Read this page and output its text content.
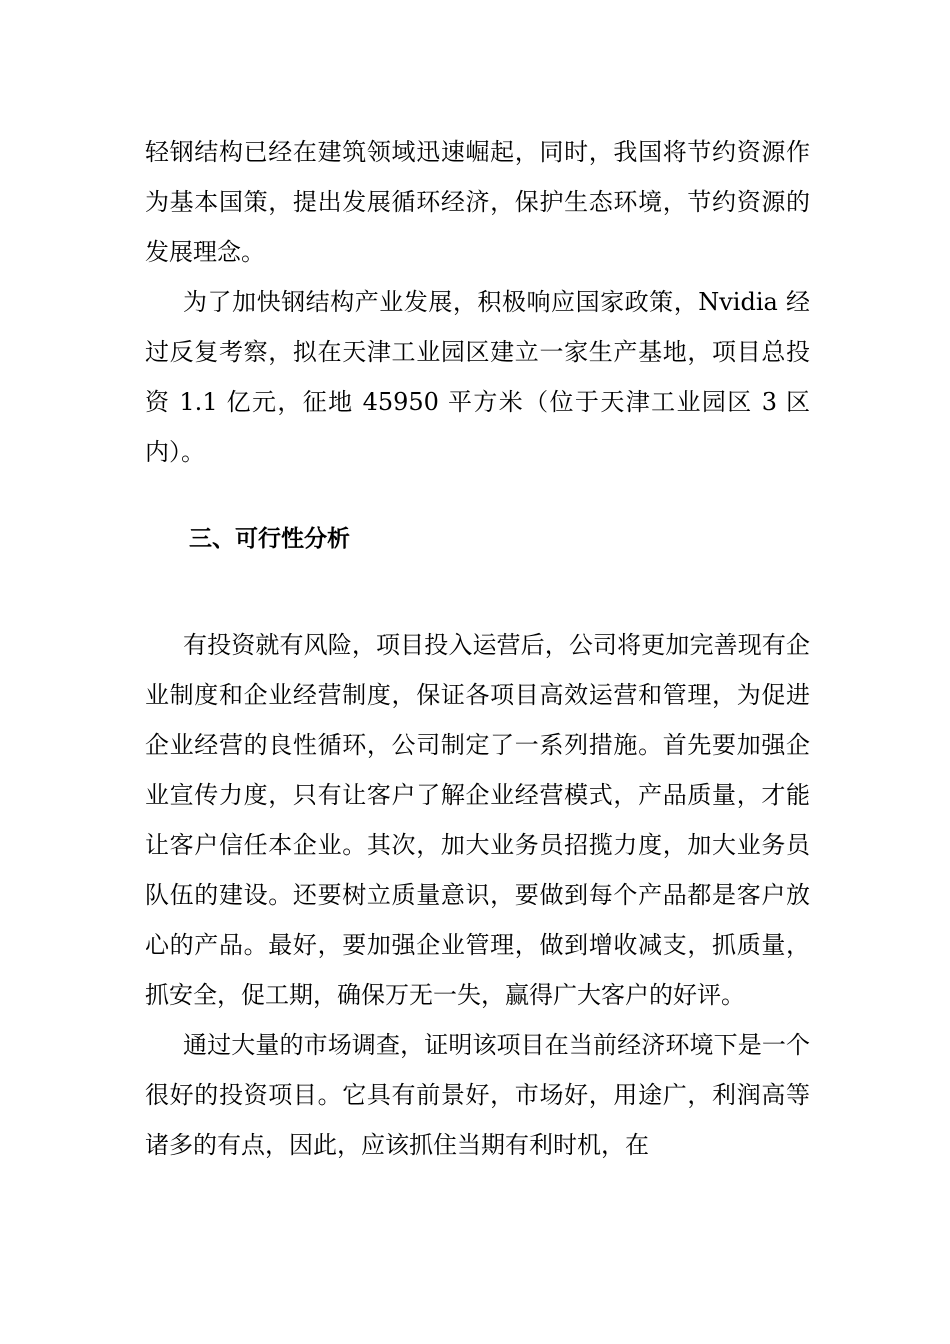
轻钢结构已经在建筑领域迅速崛起，同时，我国将节约资源作为基本国策，提出发展循环经济，保护生态环境，节约资源的发展理念。

为了加快钢结构产业发展，积极响应国家政策，Nvidia 经过反复考察，拟在天津工业园区建立一家生产基地，项目总投资 1.1 亿元，征地 45950 平方米（位于天津工业园区 3 区内）。

三、可行性分析

有投资就有风险，项目投入运营后，公司将更加完善现有企业制度和企业经营制度，保证各项目高效运营和管理，为促进企业经营的良性循环，公司制定了一系列措施。首先要加强企业宣传力度，只有让客户了解企业经营模式，产品质量，才能让客户信任本企业。其次，加大业务员招揽力度，加大业务员队伍的建设。还要树立质量意识，要做到每个产品都是客户放心的产品。最好，要加强企业管理，做到增收减支，抓质量，抓安全，促工期，确保万无一失，赢得广大客户的好评。

通过大量的市场调查，证明该项目在当前经济环境下是一个很好的投资项目。它具有前景好，市场好，用途广，利润高等诸多的有点，因此，应该抓住当期有利时机，在
